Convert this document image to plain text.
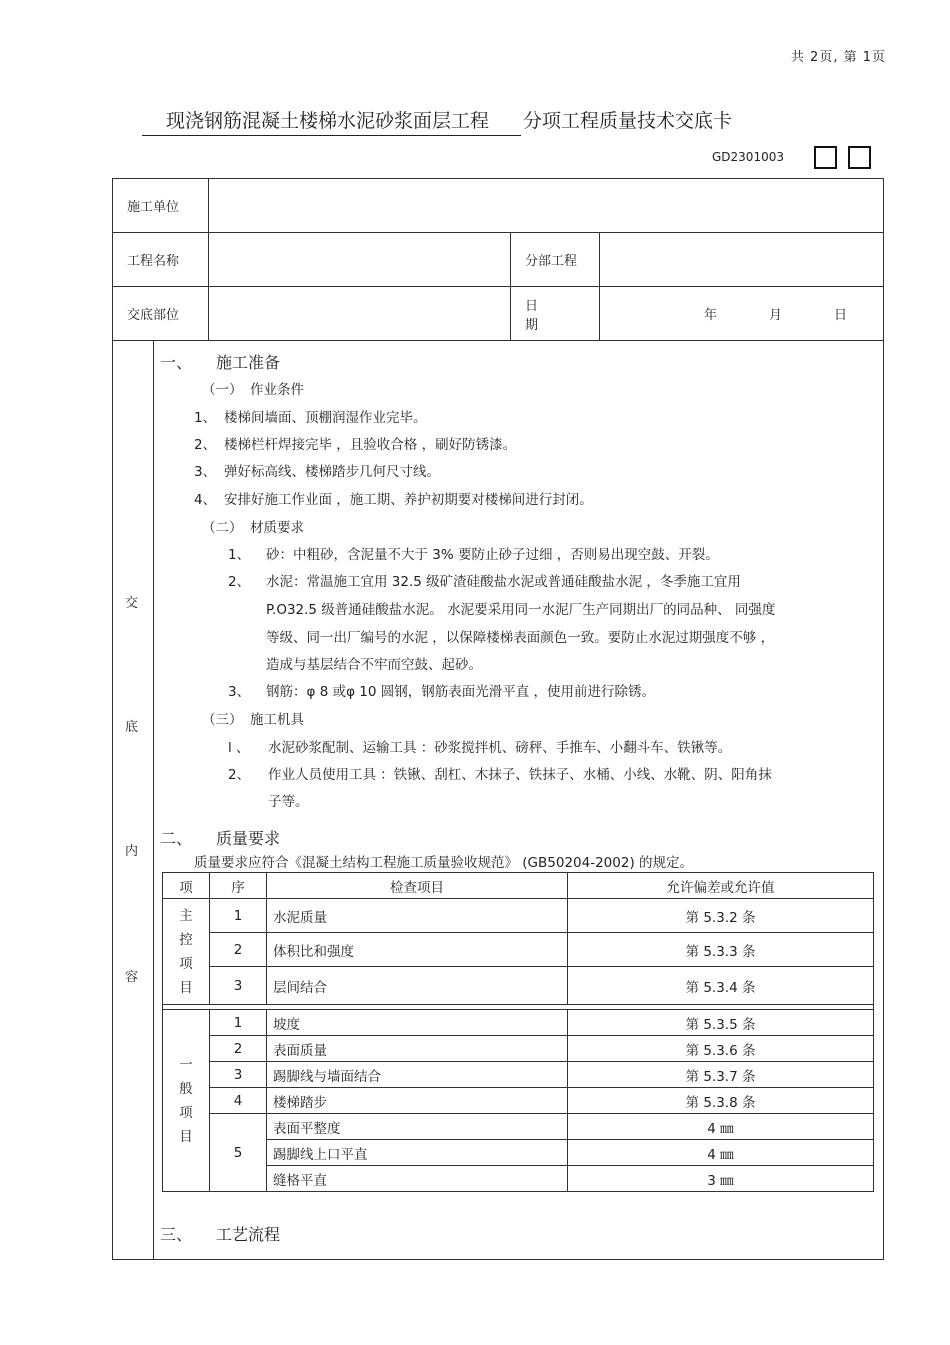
共 2页, 第 1页
现浇钢筋混凝土楼梯水泥砂浆面层工程 分项工程质量技术交底卡
GD2301003
施工单位			
工程名称		分部工程	
交底部位		日期	年 月 日
交
底
内
容
一、 施工准备
（一） 作业条件
1、 楼梯间墙面、顶棚润湿作业完毕。
2、 楼梯栏杆焊接完毕 ，且验收合格 ，刷好防锈漆。
3、 弹好标高线、楼梯踏步几何尺寸线。
4、 安排好施工作业面 ，施工期、养护初期要对楼梯间进行封闭。
（二） 材质要求
1、 砂：中粗砂，含泥量不大于 3% 要防止砂子过细 ，否则易出现空鼓、开裂。
2、 水泥：常温施工宜用 32.5 级矿渣硅酸盐水泥或普通硅酸盐水泥 ，冬季施工宜用
P.O32.5 级普通硅酸盐水泥。 水泥要采用同一水泥厂生产同期出厂的同品种、 同强度
等级、同一出厂编号的水泥 ，以保障楼梯表面颜色一致。要防止水泥过期强度不够 ，
造成与基层结合不牢而空鼓、起砂。
3、 钢筋：φ 8 或φ 10 圆钢，钢筋表面光滑平直 ，使用前进行除锈。
（三） 施工机具
l 、 水泥砂浆配制、运输工具 ：砂浆搅拌机、磅秤、手推车、小翻斗车、铁锹等。
2、 作业人员使用工具 ：铁锹、刮杠、木抹子、铁抹子、水桶、小线、水靴、阴、阳角抹
子等。
二、 质量要求
质量要求应符合《混凝土结构工程施工质量验收规范》 (GB50204-2002) 的规定。
项	序	检查项目	允许偏差或允许值
主控项目	1	水泥质量	第 5.3.2 条
	2	体积比和强度	第 5.3.3 条
	3	层间结合	第 5.3.4 条

一般项目	1	坡度	第 5.3.5 条
	2	表面质量	第 5.3.6 条
	3	踢脚线与墙面结合	第 5.3.7 条
	4	楼梯踏步	第 5.3.8 条
	5	表面平整度	4 ㎜
		踢脚线上口平直	4 ㎜
		缝格平直	3 ㎜
三、 工艺流程
